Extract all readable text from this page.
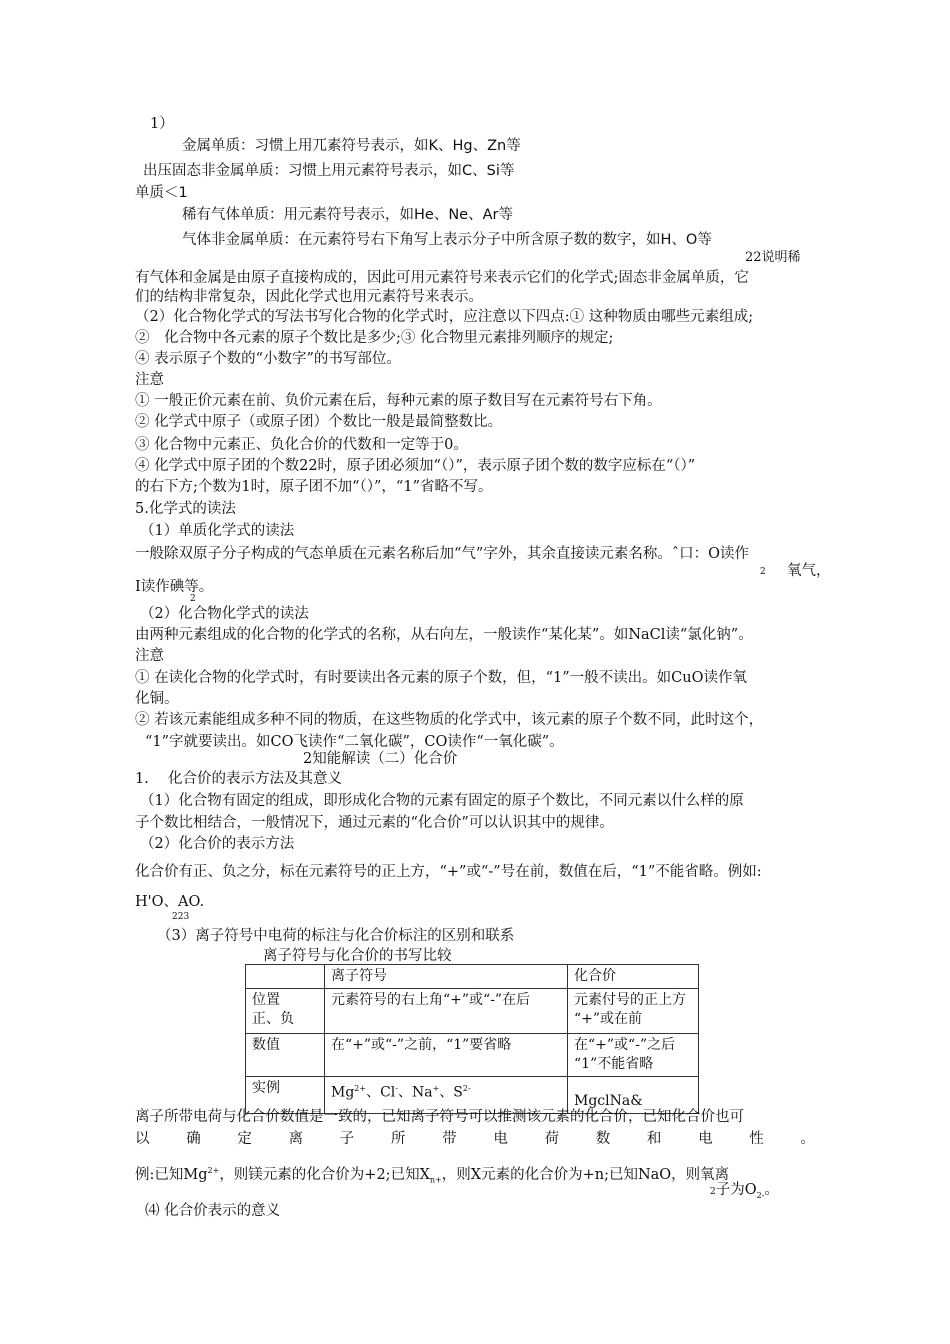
1）
金属单质：习惯上用兀素符号表示，如K、Hg、Zn等
出压固态非金属单质：习惯上用元素符号表示，如C、Si等
单质＜1
稀有气体单质：用元素符号表示，如He、Ne、Ar等
气体非金属单质：在元素符号右下角写上表示分子中所含原子数的数字，如H、O等
22说明稀
有气体和金属是由原子直接构成的，因此可用元素符号来表示它们的化学式;固态非金属单质，它
们的结构非常复杂，因此化学式也用元素符号来表示。
（2）化合物化学式的写法书写化合物的化学式时，应注意以下四点:① 这种物质由哪些元素组成;
②　化合物中各元素的原子个数比是多少;③ 化合物里元素排列顺序的规定;
④ 表示原子个数的“小数字”的书写部位。
注意
① 一般正价元素在前、负价元素在后，每种元素的原子数目写在元素符号右下角。
② 化学式中原子（或原子团）个数比一般是最简整数比。
③ 化合物中元素正、负化合价的代数和一定等于0。
④ 化学式中原子团的个数22时，原子团必须加“（）”，表示原子团个数的数字应标在“（）”
的右下方;个数为1时，原子团不加“（）”，“1”省略不写。
5.化学式的读法
（1）单质化学式的读法
一般除双原子分子构成的气态单质在元素名称后加“气”字外，其余直接读元素名称。ˆ口：O读作
2 氧气，
I读作碘等。
2
（2）化合物化学式的读法
由两种元素组成的化合物的化学式的名称，从右向左，一般读作“某化某”。如NaCl读“氯化钠”。
注意
① 在读化合物的化学式时，有时要读出各元素的原子个数，但，“1”一般不读出。如CuO读作氧
化铜。
② 若该元素能组成多种不同的物质，在这些物质的化学式中，该元素的原子个数不同，此时这个，
“1”字就要读出。如CO飞读作“二氧化碳”，CO读作“一氧化碳”。
2知能解读（二）化合价
1.　 化合价的表示方法及其意义
（1）化合物有固定的组成，即形成化合物的元素有固定的原子个数比，不同元素以什么样的原
子个数比相结合，一般情况下，通过元素的“化合价”可以认识其中的规律。
（2）化合价的表示方法
化合价有正、负之分，标在元素符号的正上方，“+”或“-”号在前，数值在后，“1”不能省略。例如:
H'O、AO.
223
（3）离子符号中电荷的标注与化合价标注的区别和联系
离子符号与化合价的书写比较
	离子符号	化合价
位置
正、负	元素符号的右上角“+”或“-”在后	元素付号的正上方
“+”或在前
数值	在“+”或“-”之前，“1”要省略	在“+”或“-”之后
“1”不能省略
实例	$Mg^{2+}$、Cl-、Na+、$S^{2-}$	MgclNa&
离子所带电荷与化合价数值是一致的，已知离子符号可以推测该元素的化合价，已知化合价也可
以	确	定	离	子	所	带	电	荷	数	和	电	性	。
例:已知$Mg^{2+}$，则镁元素的化合价为+2;已知$X_{n+}$，则X元素的化合价为+n;已知NaO，则氧离
2子为$O_{2-}$。
⑷ 化合价表示的意义
